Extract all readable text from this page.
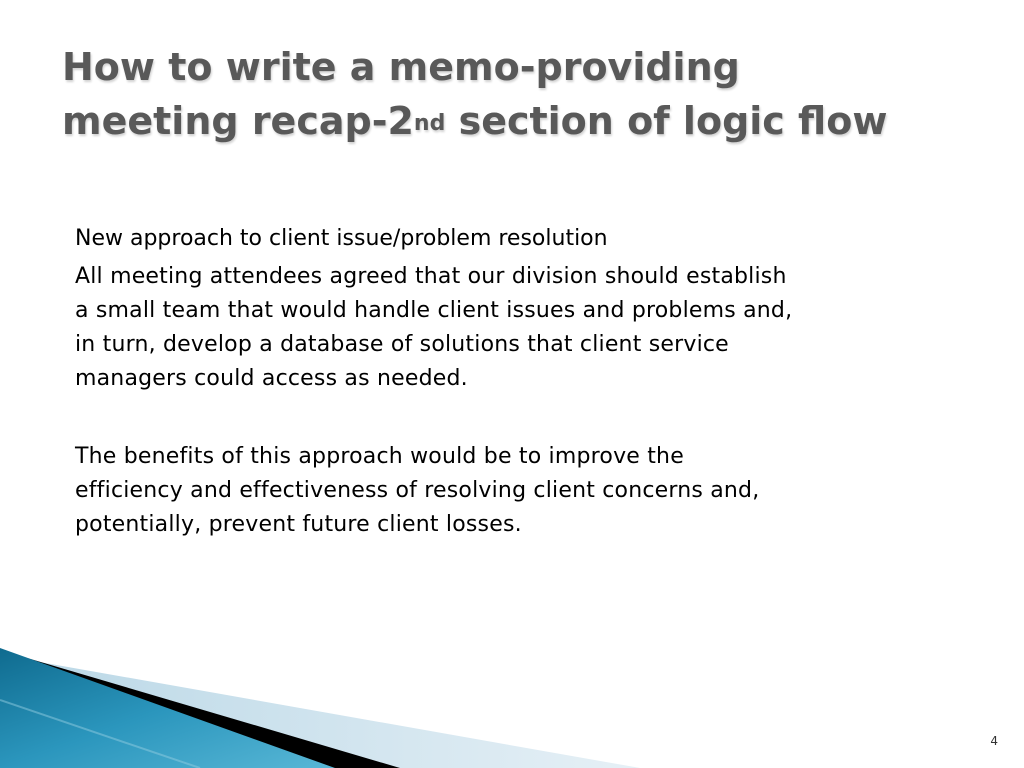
How to write a memo-providing
meeting recap-2nd section of logic flow
New approach to client issue/problem resolution

All meeting attendees agreed that our division should establish
a small team that would handle client issues and problems and,
in turn, develop a database of solutions that client service
managers could access as needed.

The benefits of this approach would be to improve the
efficiency and effectiveness of resolving client concerns and,
potentially, prevent future client losses.

4
